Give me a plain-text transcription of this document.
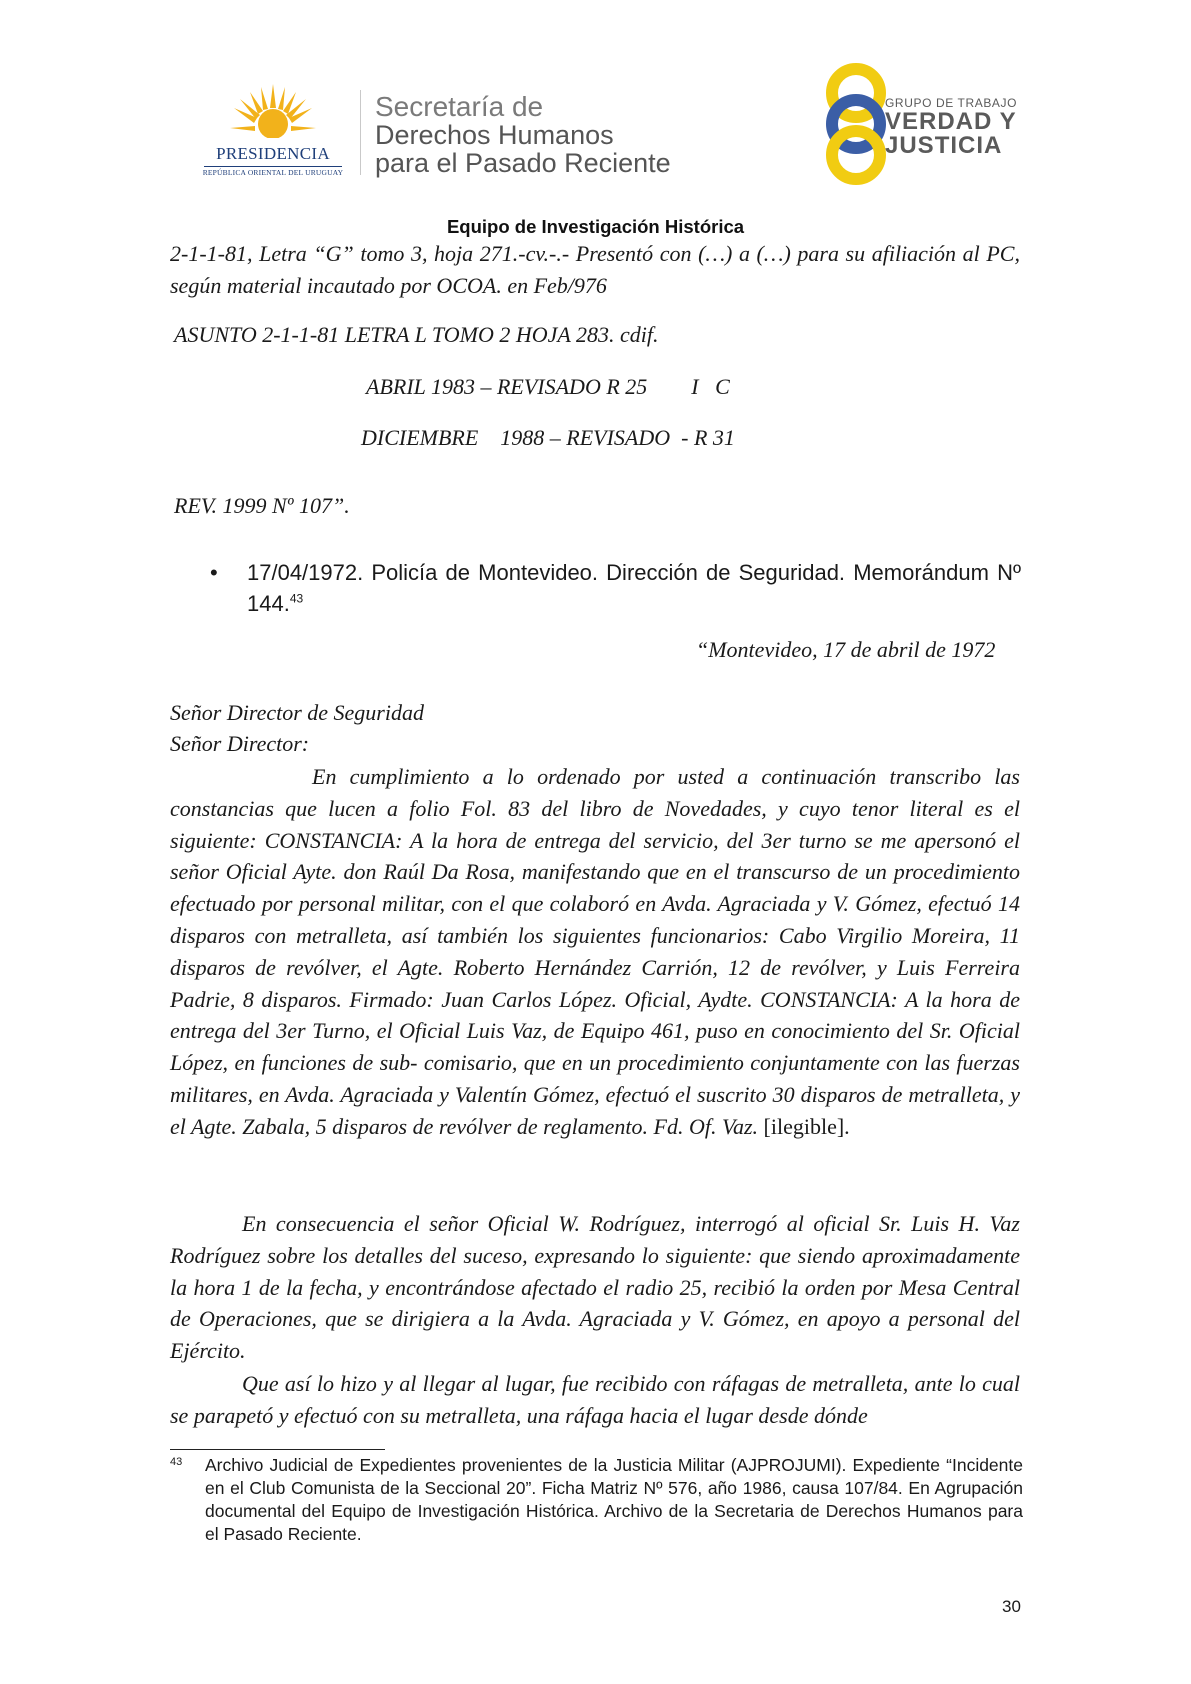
PRESIDENCIA
REPÚBLICA ORIENTAL DEL URUGUAY
Secretaría de
Derechos Humanos
para el Pasado Reciente
GRUPO DE TRABAJO
VERDAD Y
JUSTICIA
Equipo de Investigación Histórica
2-1-1-81, Letra “G” tomo 3, hoja 271.-cv.-.- Presentó con (…) a (…) para su afiliación al PC, según material incautado por OCOA. en Feb/976
ASUNTO 2-1-1-81 LETRA L TOMO 2 HOJA 283. cdif.
ABRIL 1983 – REVISADO R 25        I   C
DICIEMBRE    1988 – REVISADO  - R 31
REV. 1999 Nº 107”.
• 17/04/1972. Policía de Montevideo. Dirección de Seguridad. Memorándum Nº 144.43
“Montevideo, 17 de abril de 1972
Señor Director de Seguridad
Señor Director:
En cumplimiento a lo ordenado por usted a continuación transcribo las constancias que lucen a folio Fol. 83 del libro de Novedades, y cuyo tenor literal es el siguiente: CONSTANCIA: A la hora de entrega del servicio, del 3er turno se me apersonó el señor Oficial Ayte. don Raúl Da Rosa, manifestando que en el transcurso de un procedimiento efectuado por personal militar, con el que colaboró en Avda. Agraciada y V. Gómez, efectuó 14 disparos con metralleta, así también los siguientes funcionarios: Cabo Virgilio Moreira, 11 disparos de revólver, el Agte. Roberto Hernández Carrión, 12 de revólver, y Luis Ferreira Padrie, 8 disparos. Firmado: Juan Carlos López. Oficial, Aydte. CONSTANCIA: A la hora de entrega del 3er Turno, el Oficial Luis Vaz, de Equipo 461, puso en conocimiento del Sr. Oficial López, en funciones de sub- comisario, que en un procedimiento conjuntamente con las fuerzas militares, en Avda. Agraciada y Valentín Gómez, efectuó el suscrito 30 disparos de metralleta, y el Agte. Zabala, 5 disparos de revólver de reglamento. Fd. Of. Vaz. [ilegible].
En consecuencia el señor Oficial W. Rodríguez, interrogó al oficial Sr. Luis H. Vaz Rodríguez sobre los detalles del suceso, expresando lo siguiente: que siendo aproximadamente la hora 1 de la fecha, y encontrándose afectado el radio 25, recibió la orden por Mesa Central de Operaciones, que se dirigiera a la Avda. Agraciada y V. Gómez, en apoyo a personal del Ejército.
Que así lo hizo y al llegar al lugar, fue recibido con ráfagas de metralleta, ante lo cual se parapetó y efectuó con su metralleta, una ráfaga hacia el lugar desde dónde
43 Archivo Judicial de Expedientes provenientes de la Justicia Militar (AJPROJUMI). Expediente “Incidente en el Club Comunista de la Seccional 20”. Ficha Matriz Nº 576, año 1986, causa 107/84. En Agrupación documental del Equipo de Investigación Histórica. Archivo de la Secretaria de Derechos Humanos para el Pasado Reciente.
30
